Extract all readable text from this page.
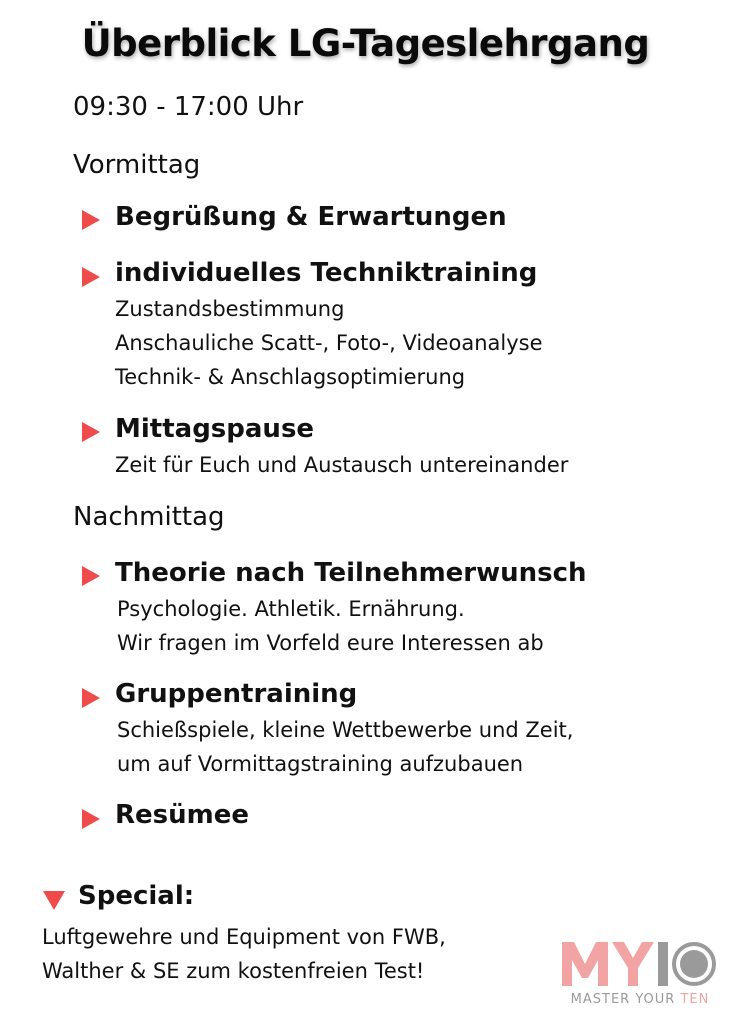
Überblick LG-Tageslehrgang
09:30 - 17:00 Uhr
Vormittag
Begrüßung & Erwartungen
individuelles Techniktraining
Zustandsbestimmung
Anschauliche Scatt-, Foto-, Videoanalyse
Technik- & Anschlagsoptimierung
Mittagspause
Zeit für Euch und Austausch untereinander
Nachmittag
Theorie nach Teilnehmerwunsch
Psychologie. Athletik. Ernährung.
Wir fragen im Vorfeld eure Interessen ab
Gruppentraining
Schießspiele, kleine Wettbewerbe und Zeit,
um auf Vormittagstraining aufzubauen
Resümee
Special:
Luftgewehre und Equipment von FWB,
Walther & SE zum kostenfreien Test!
MASTER YOUR TEN
